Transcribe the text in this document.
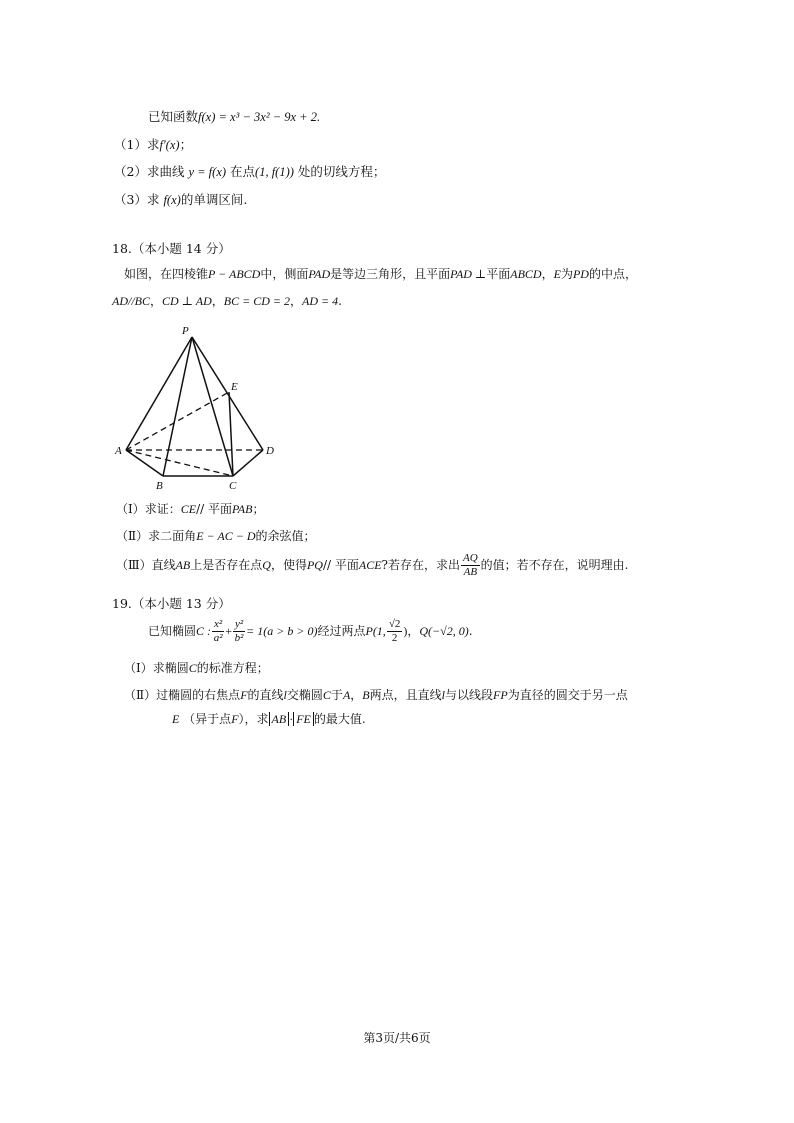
已知函数f(x) = x³ − 3x² − 9x + 2.
（1）求f′(x)；
（2）求曲线 y = f(x) 在点(1, f(1)) 处的切线方程；
（3）求 f(x)的单调区间.
18.（本小题 14 分）
如图，在四棱锥P − ABCD中，侧面PAD是等边三角形，且平面PAD ⊥平面ABCD，E为PD的中点，
AD//BC，CD ⊥ AD，BC = CD = 2，AD = 4.
P
E
A	D
B	C
（Ⅰ）求证：CE// 平面PAB；
（Ⅱ）求二面角E − AC − D的余弦值；
（Ⅲ）直线AB上是否存在点Q，使得PQ// 平面ACE?若存在，求出 $\frac{AQ}{AB}$ 的值；若不存在，说明理由.
19.（本小题 13 分）
已知椭圆C : $\frac{\text{x²}}{\text{a²}} + \frac{\text{y²}}{\text{b²}} = 1(a > b > 0)$经过两点P(1, $\frac{√2}{2}$ )，Q(−√2, 0).
（Ⅰ）求椭圆C的标准方程；
（Ⅱ）过椭圆的右焦点F的直线l交椭圆C于A，B两点，且直线l与以线段FP为直径的圆交于另一点
E （异于点F），求 AB · FE 的最大值.
第3页/共6页
